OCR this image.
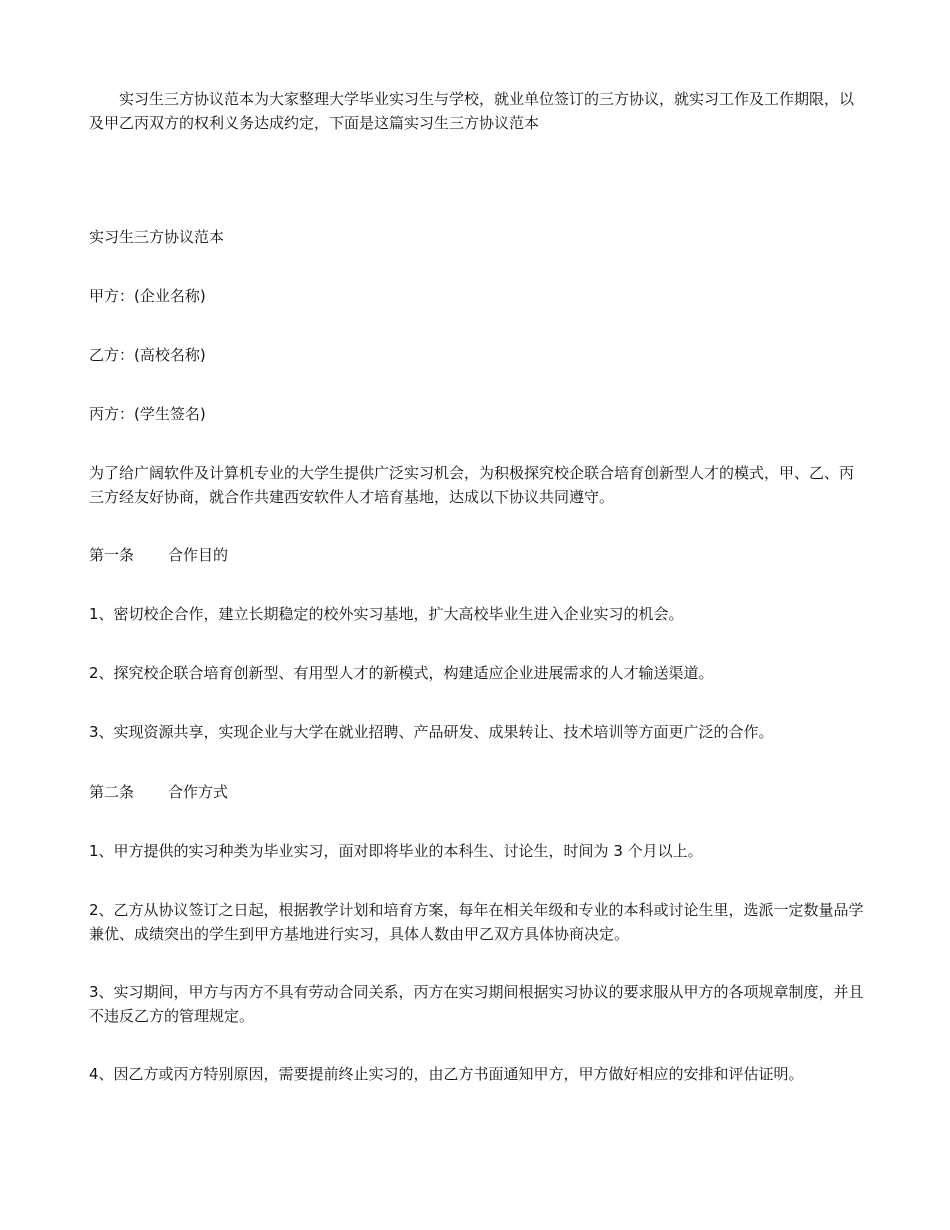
实习生三方协议范本为大家整理大学毕业实习生与学校，就业单位签订的三方协议，就实习工作及工作期限，以及甲乙丙双方的权利义务达成约定，下面是这篇实习生三方协议范本

实习生三方协议范本

甲方：(企业名称)

乙方：(高校名称)

丙方：(学生签名)

为了给广阔软件及计算机专业的大学生提供广泛实习机会，为积极探究校企联合培育创新型人才的模式，甲、乙、丙三方经友好协商，就合作共建西安软件人才培育基地，达成以下协议共同遵守。

第一条 合作目的

1、密切校企合作，建立长期稳定的校外实习基地，扩大高校毕业生进入企业实习的机会。

2、探究校企联合培育创新型、有用型人才的新模式，构建适应企业进展需求的人才输送渠道。

3、实现资源共享，实现企业与大学在就业招聘、产品研发、成果转让、技术培训等方面更广泛的合作。

第二条 合作方式

1、甲方提供的实习种类为毕业实习，面对即将毕业的本科生、讨论生，时间为 3 个月以上。

2、乙方从协议签订之日起，根据教学计划和培育方案，每年在相关年级和专业的本科或讨论生里，选派一定数量品学兼优、成绩突出的学生到甲方基地进行实习，具体人数由甲乙双方具体协商决定。

3、实习期间，甲方与丙方不具有劳动合同关系，丙方在实习期间根据实习协议的要求服从甲方的各项规章制度，并且不违反乙方的管理规定。

4、因乙方或丙方特别原因，需要提前终止实习的，由乙方书面通知甲方，甲方做好相应的安排和评估证明。
